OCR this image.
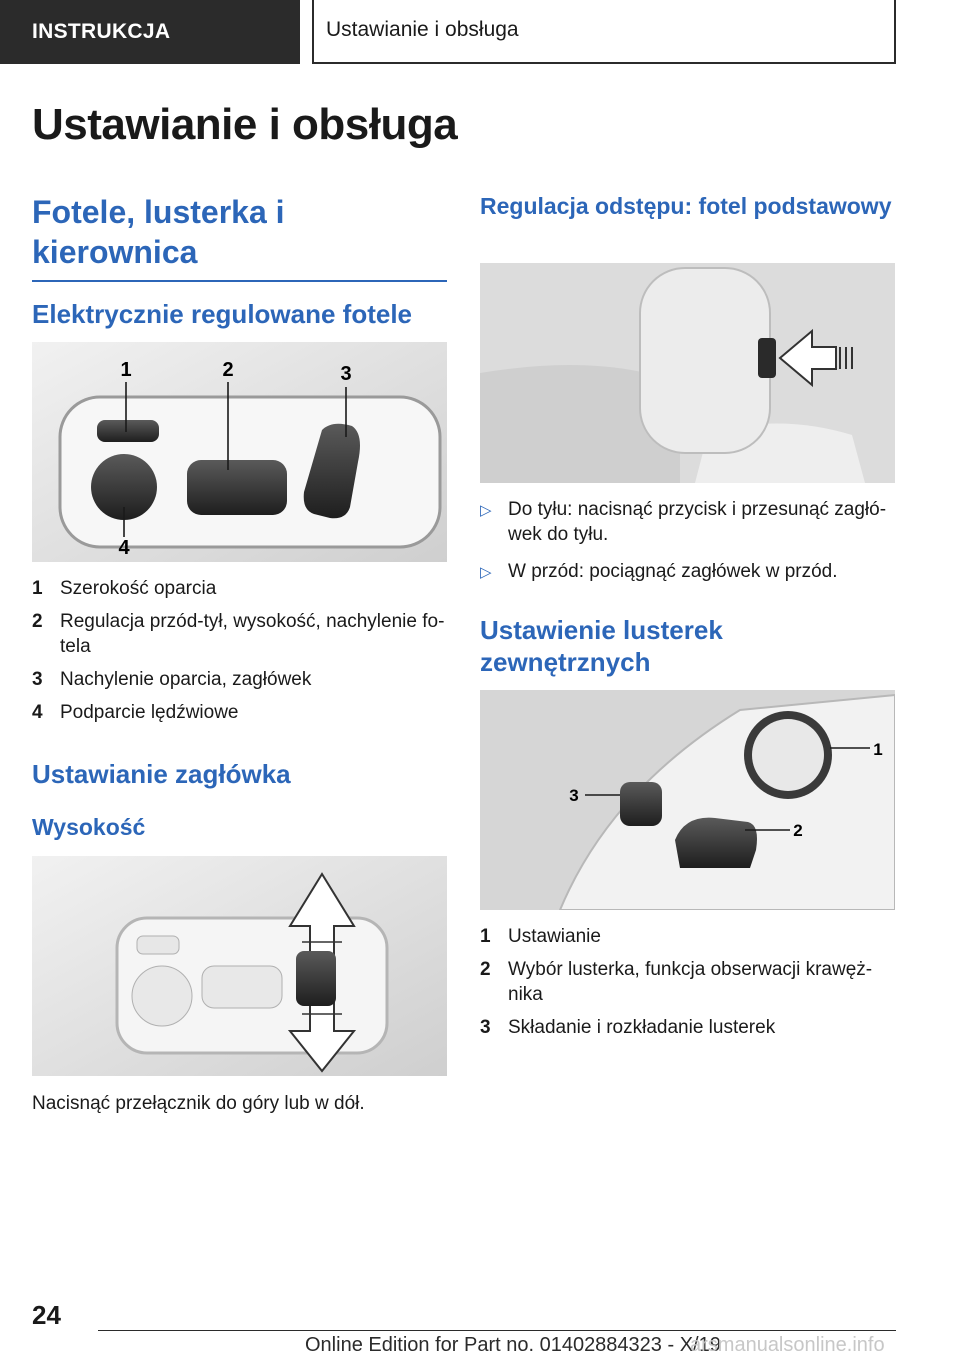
INSTRUKCJA	Ustawianie i obsługa
Ustawianie i obsługa
Fotele, lusterka i kierownica
Elektrycznie regulowane fotele
1	2	3
4
1 Szerokość oparcia
2 Regulacja przód-tył, wysokość, nachylenie fotela
3 Nachylenie oparcia, zagłówek
4 Podparcie lędźwiowe
Ustawianie zagłówka
Wysokość

Nacisnąć przełącznik do góry lub w dół.

Regulacja odstępu: fotel podstawowy
▷ Do tyłu: nacisnąć przycisk i przesunąć zagłówek do tyłu.
▷ W przód: pociągnąć zagłówek w przód.
Ustawienie lusterek zewnętrznych
1
2
3
1 Ustawianie
2 Wybór lusterka, funkcja obserwacji krawężnika
3 Składanie i rozkładanie lusterek
24
Online Edition for Part no. 01402884323 - X/19
arsmanualsonline.info
